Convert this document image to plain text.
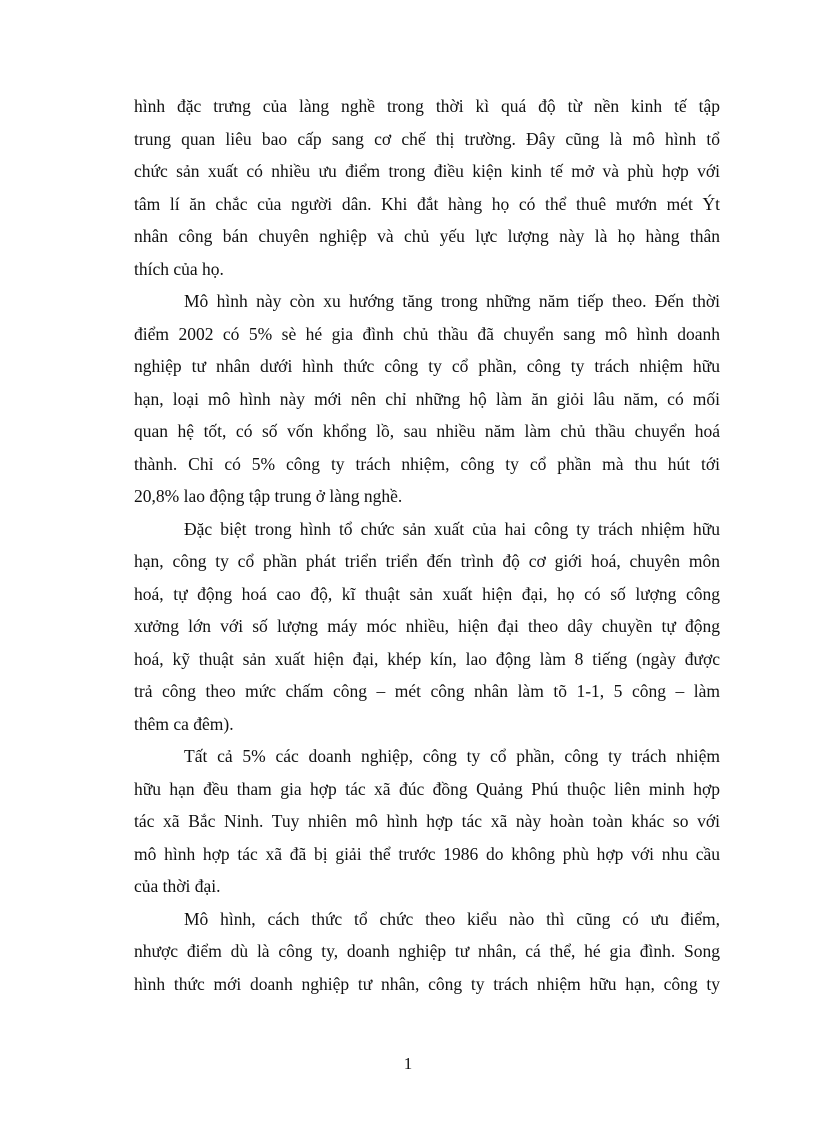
hình đặc trưng của làng nghề trong thời kì quá độ từ nền kinh tế tập
trung quan liêu bao cấp sang cơ chế thị trường. Đây cũng là mô hình tổ
chức sản xuất có nhiều ưu điểm trong điều kiện kinh tế mở và phù hợp với
tâm lí ăn chắc của người dân. Khi đắt hàng họ có thể thuê mướn mét Ýt
nhân công bán chuyên nghiệp và chủ yếu lực lượng này là họ hàng thân
thích của họ.
Mô hình này còn xu hướng tăng trong những năm tiếp theo. Đến thời
điểm 2002 có 5% sè hé gia đình chủ thầu đã chuyển sang mô hình doanh
nghiệp tư nhân dưới hình thức công ty cổ phần, công ty trách nhiệm hữu
hạn, loại mô hình này mới nên chỉ những hộ làm ăn giỏi lâu năm, có mối
quan hệ tốt, có số vốn khổng lồ, sau nhiều năm làm chủ thầu chuyển hoá
thành. Chỉ có 5% công ty trách nhiệm, công ty cổ phần mà thu hút tới
20,8% lao động tập trung ở làng nghề.
Đặc biệt trong hình tổ chức sản xuất của hai công ty trách nhiệm hữu
hạn, công ty cổ phần phát triển triển đến trình độ cơ giới hoá, chuyên môn
hoá, tự động hoá cao độ, kĩ thuật sản xuất hiện đại, họ có số lượng công
xưởng lớn với số lượng máy móc nhiều, hiện đại theo dây chuyền tự động
hoá, kỹ thuật sản xuất hiện đại, khép kín, lao động làm 8 tiếng (ngày được
trả công theo mức chấm công – mét công nhân làm tõ 1-1, 5 công – làm
thêm ca đêm).
Tất cả 5% các doanh nghiệp, công ty cổ phần, công ty trách nhiệm
hữu hạn đều tham gia hợp tác xã đúc đồng Quảng Phú thuộc liên minh hợp
tác xã Bắc Ninh. Tuy nhiên mô hình hợp tác xã này hoàn toàn khác so với
mô hình hợp tác xã đã bị giải thể trước 1986 do không phù hợp với nhu cầu
của thời đại.
Mô hình, cách thức tổ chức theo kiểu nào thì cũng có ưu điểm,
nhược điểm dù là công ty, doanh nghiệp tư nhân, cá thể, hé gia đình. Song
hình thức mới doanh nghiệp tư nhân, công ty trách nhiệm hữu hạn, công ty
1
